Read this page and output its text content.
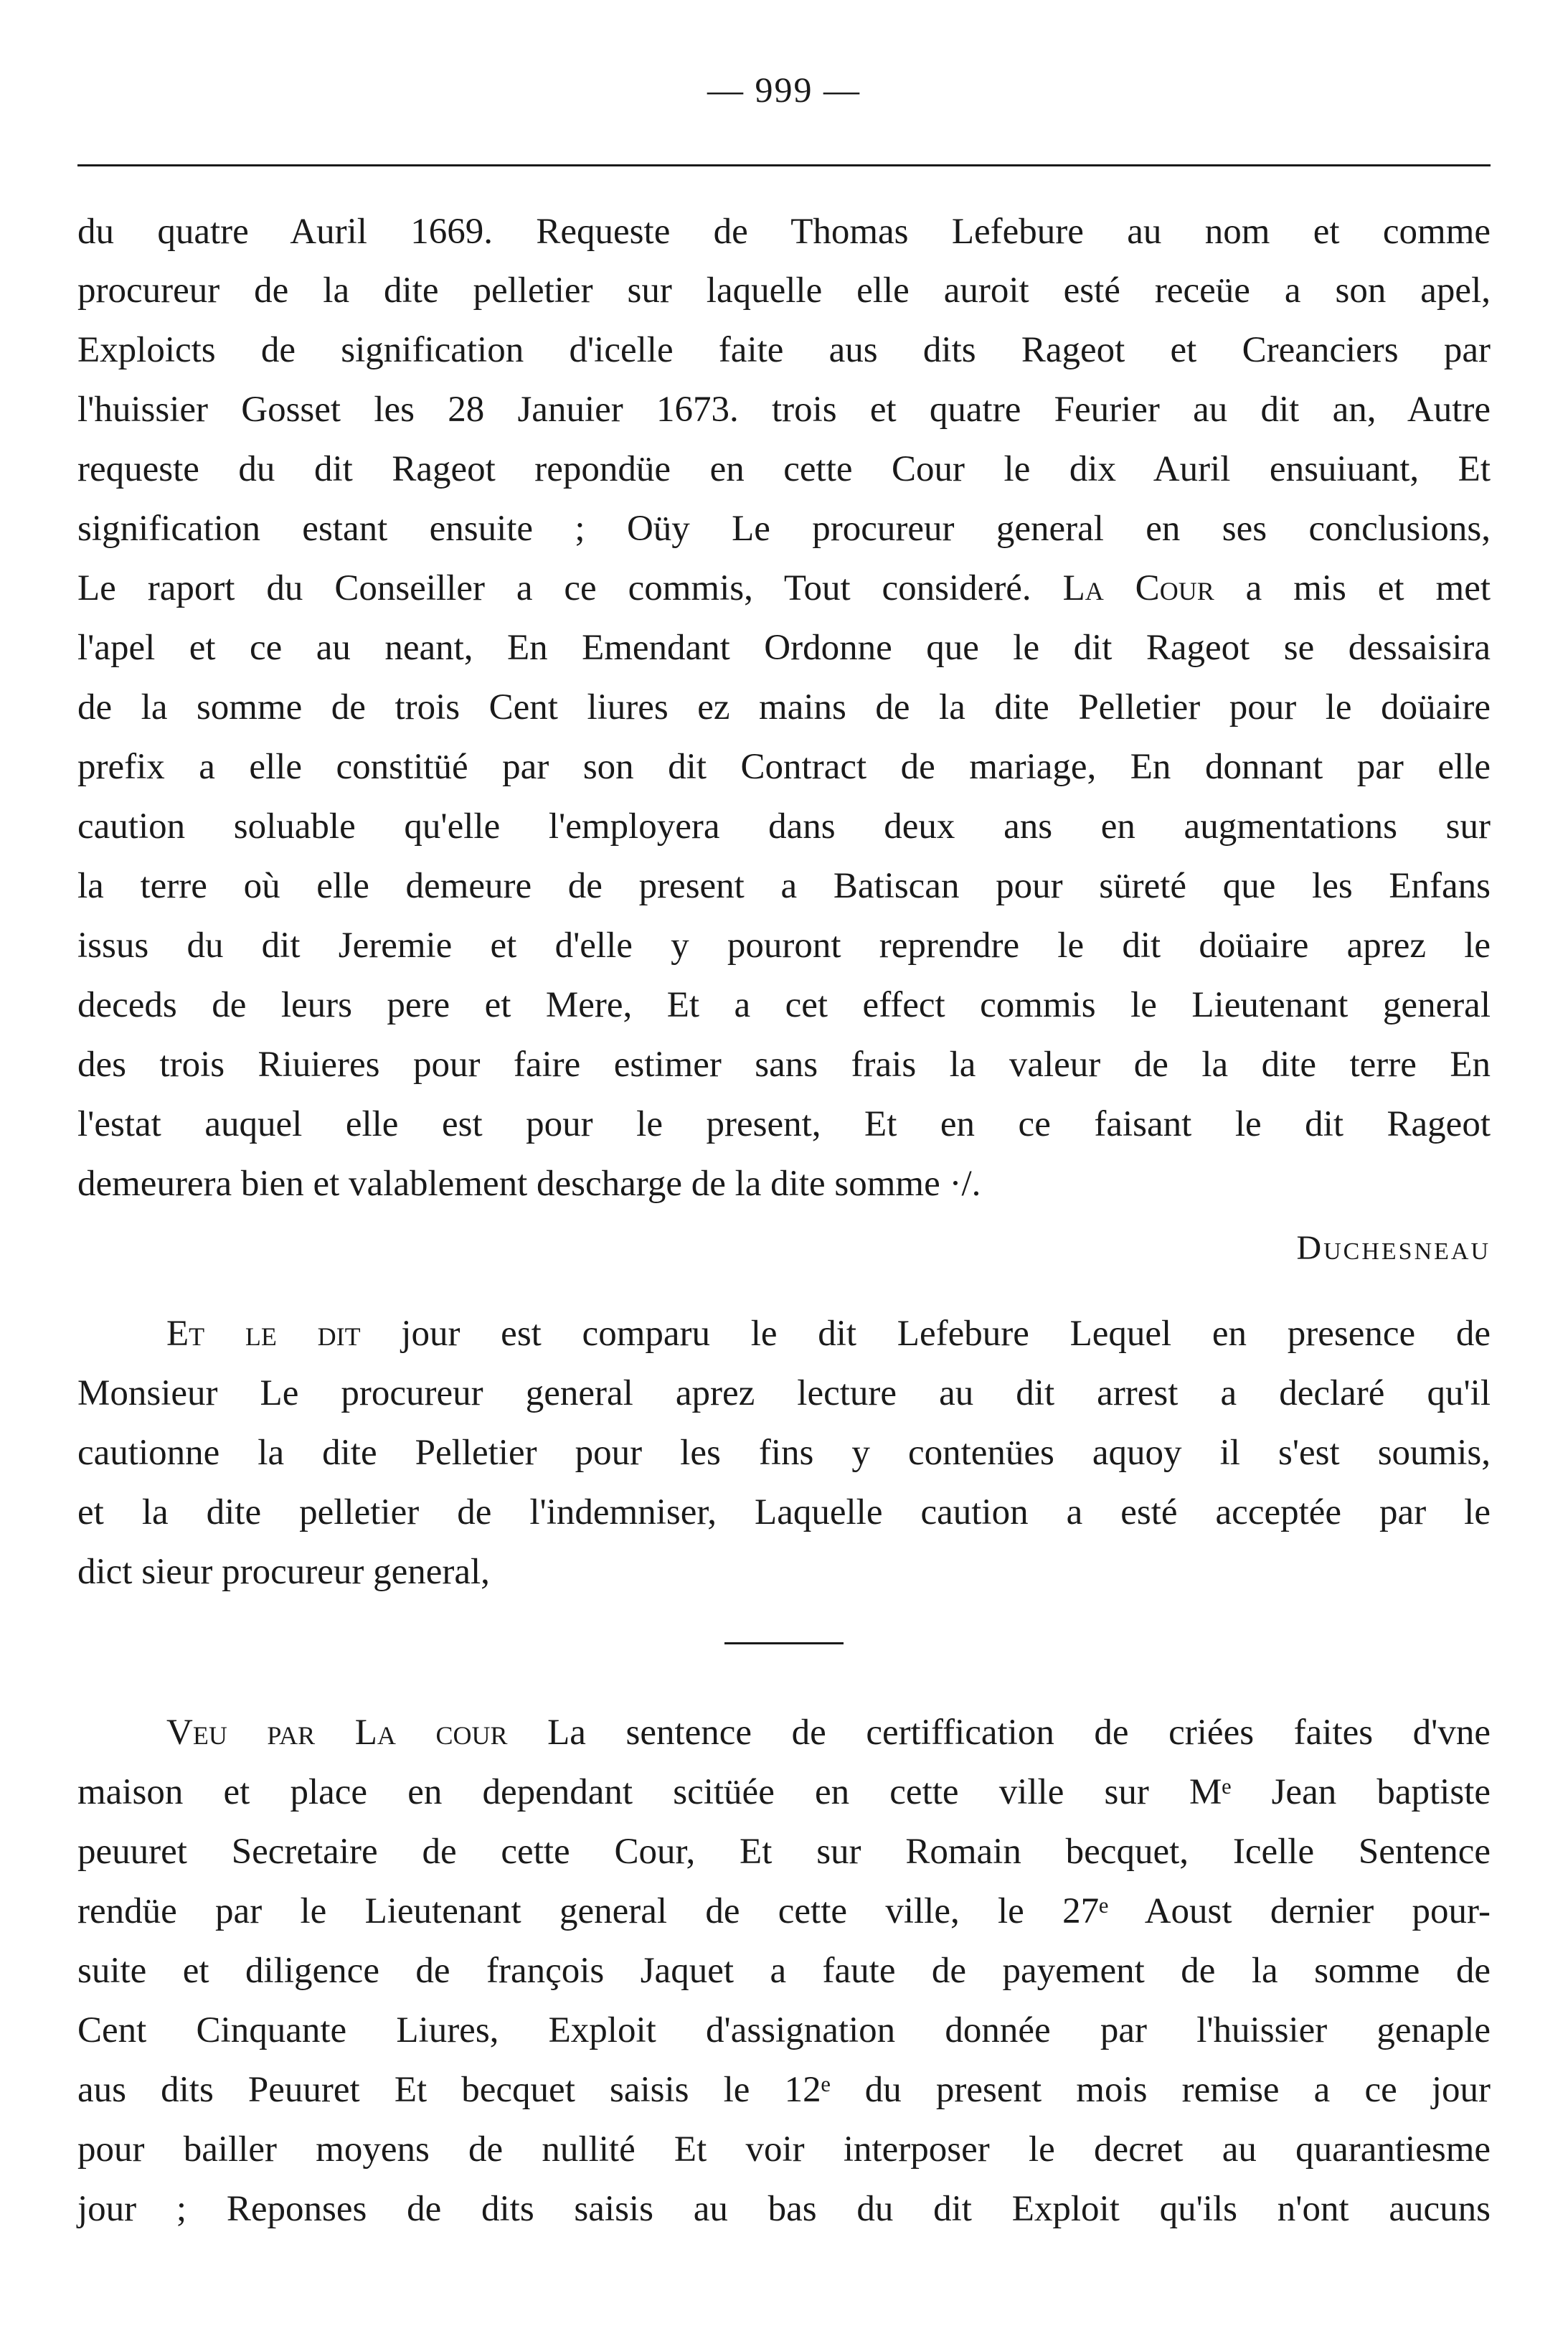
— 999 —
du quatre Auril 1669. Requeste de Thomas Lefebure au nom et comme
procureur de la dite pelletier sur laquelle elle auroit esté receüe a son apel,
Exploicts de signification d'icelle faite aus dits Rageot et Creanciers par
l'huissier Gosset les 28 Januier 1673. trois et quatre Feurier au dit an, Autre
requeste du dit Rageot repondüe en cette Cour le dix Auril ensuiuant, Et
signification estant ensuite ; Oüy Le procureur general en ses conclusions,
Le raport du Conseiller a ce commis, Tout consideré. La Cour a mis et met
l'apel et ce au neant, En Emendant Ordonne que le dit Rageot se dessaisira
de la somme de trois Cent liures ez mains de la dite Pelletier pour le doüaire
prefix a elle constitüé par son dit Contract de mariage, En donnant par elle
caution soluable qu'elle l'employera dans deux ans en augmentations sur
la terre où elle demeure de present a Batiscan pour süreté que les Enfans
issus du dit Jeremie et d'elle y pouront reprendre le dit doüaire aprez le
deceds de leurs pere et Mere, Et a cet effect commis le Lieutenant general
des trois Riuieres pour faire estimer sans frais la valeur de la dite terre En
l'estat auquel elle est pour le present, Et en ce faisant le dit Rageot
demeurera bien et valablement descharge de la dite somme ·/.
Duchesneau
Et le dit jour est comparu le dit Lefebure Lequel en presence de
Monsieur Le procureur general aprez lecture au dit arrest a declaré qu'il
cautionne la dite Pelletier pour les fins y contenües aquoy il s'est soumis,
et la dite pelletier de l'indemniser, Laquelle caution a esté acceptée par le
dict sieur procureur general,
Veu par La cour La sentence de certiffication de criées faites d'vne
maison et place en dependant scitüée en cette ville sur Mᵉ Jean baptiste
peuuret Secretaire de cette Cour, Et sur Romain becquet, Icelle Sentence
rendüe par le Lieutenant general de cette ville, le 27ᵉ Aoust dernier pour-
suite et diligence de françois Jaquet a faute de payement de la somme de
Cent Cinquante Liures, Exploit d'assignation donnée par l'huissier genaple
aus dits Peuuret Et becquet saisis le 12ᵉ du present mois remise a ce jour
pour bailler moyens de nullité Et voir interposer le decret au quarantiesme
jour ; Reponses de dits saisis au bas du dit Exploit qu'ils n'ont aucuns
